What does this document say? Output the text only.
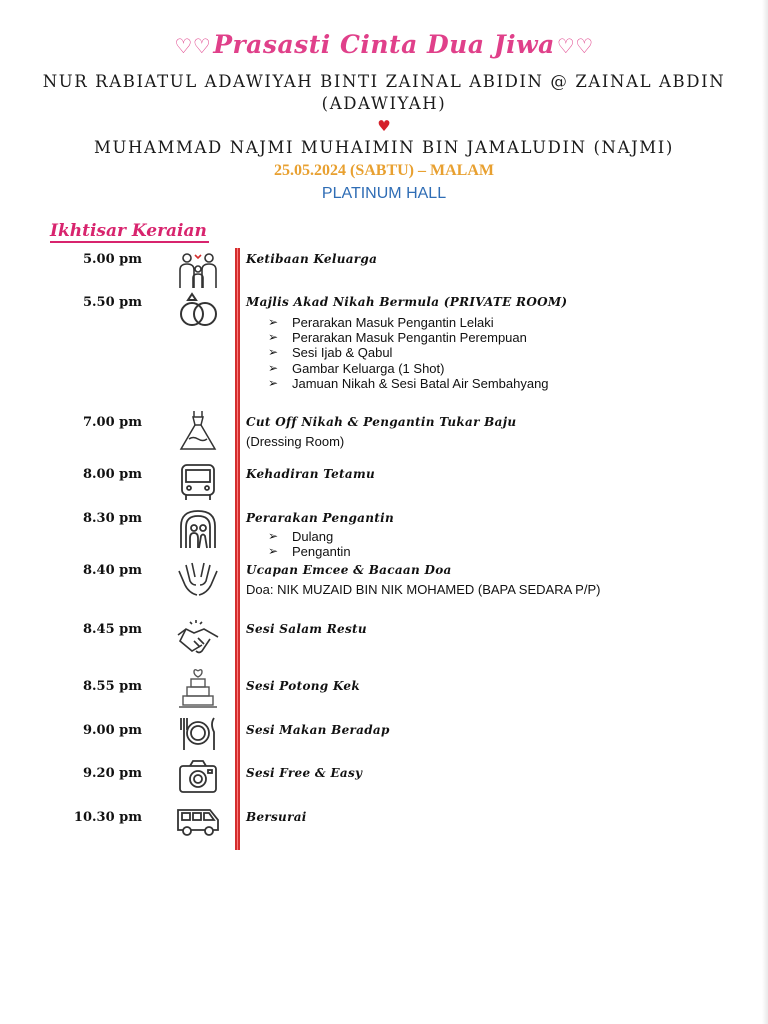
♡♡Prasasti Cinta Dua Jiwa ♡♡
NUR RABIATUL ADAWIYAH BINTI ZAINAL ABIDIN @ ZAINAL ABDIN
(ADAWIYAH)
♥
MUHAMMAD NAJMI MUHAIMIN BIN JAMALUDIN (NAJMI)
25.05.2024 (SABTU) – MALAM
PLATINUM HALL
Ikhtisar Keraian
5.00 pm	Ketibaan Keluarga
5.50 pm	Majlis Akad Nikah Bermula (PRIVATE ROOM)
➢ Perarakan Masuk Pengantin Lelaki
➢ Perarakan Masuk Pengantin Perempuan
➢ Sesi Ijab & Qabul
➢ Gambar Keluarga (1 Shot)
➢ Jamuan Nikah & Sesi Batal Air Sembahyang
7.00 pm	Cut Off Nikah & Pengantin Tukar Baju
(Dressing Room)
8.00 pm	Kehadiran Tetamu
8.30 pm	Perarakan Pengantin
➢ Dulang
➢ Pengantin
8.40 pm	Ucapan Emcee & Bacaan Doa
Doa: NIK MUZAID BIN NIK MOHAMED (BAPA SEDARA P/P)
8.45 pm	Sesi Salam Restu
8.55 pm	Sesi Potong Kek
9.00 pm	Sesi Makan Beradap
9.20 pm	Sesi Free & Easy
10.30 pm	Bersurai
